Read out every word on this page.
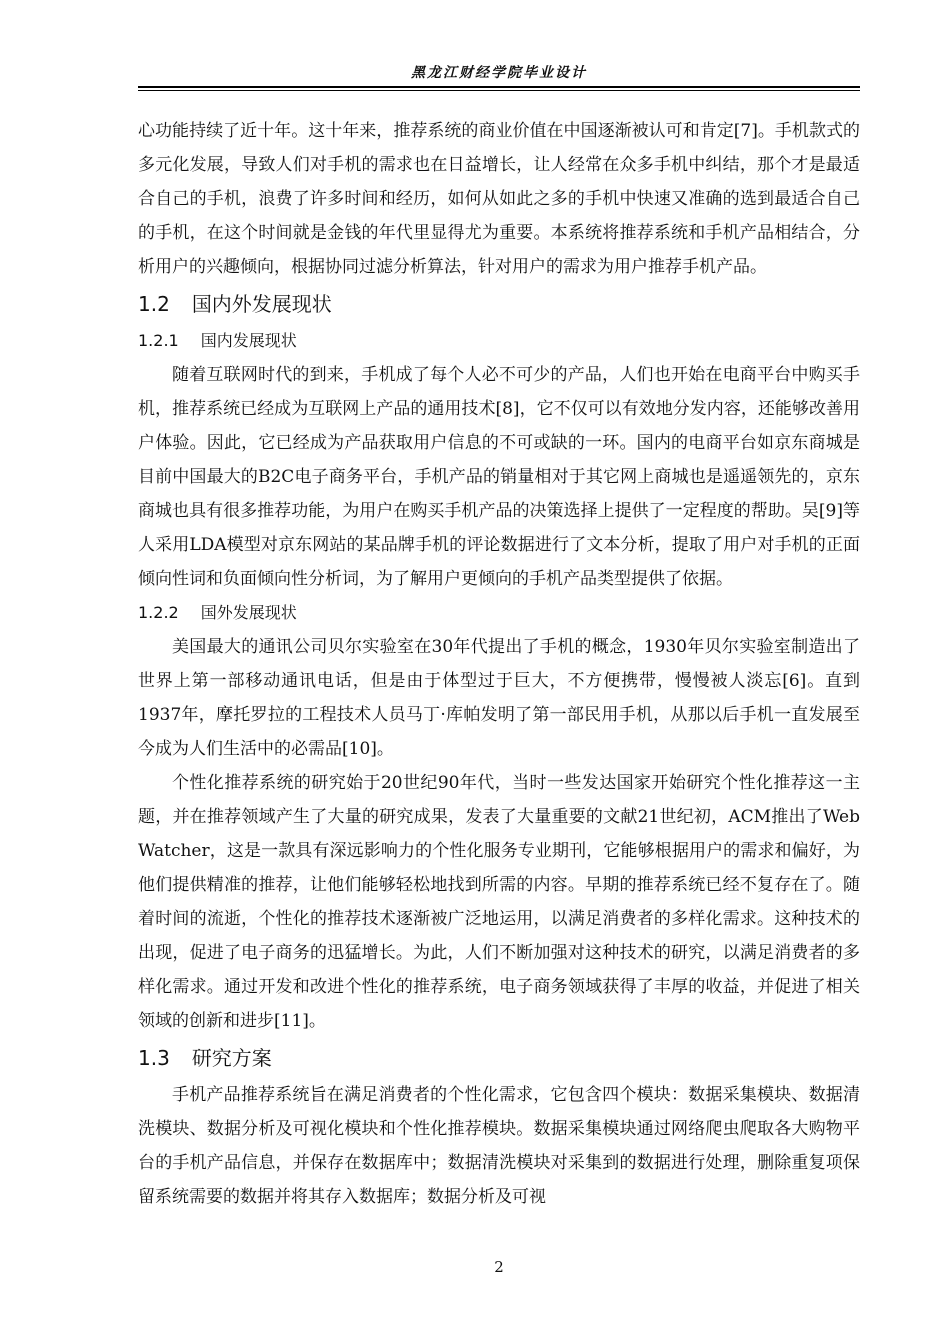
黑龙江财经学院毕业设计

心功能持续了近十年。这十年来，推荐系统的商业价值在中国逐渐被认可和肯定[7]。手机款式的多元化发展，导致人们对手机的需求也在日益增长，让人经常在众多手机中纠结，那个才是最适合自己的手机，浪费了许多时间和经历，如何从如此之多的手机中快速又准确的选到最适合自己的手机，在这个时间就是金钱的年代里显得尤为重要。本系统将推荐系统和手机产品相结合，分析用户的兴趣倾向，根据协同过滤分析算法，针对用户的需求为用户推荐手机产品。

1.2 国内外发展现状
1.2.1 国内发展现状

随着互联网时代的到来，手机成了每个人必不可少的产品，人们也开始在电商平台中购买手机，推荐系统已经成为互联网上产品的通用技术[8]，它不仅可以有效地分发内容，还能够改善用户体验。因此，它已经成为产品获取用户信息的不可或缺的一环。国内的电商平台如京东商城是目前中国最大的B2C电子商务平台，手机产品的销量相对于其它网上商城也是遥遥领先的，京东商城也具有很多推荐功能，为用户在购买手机产品的决策选择上提供了一定程度的帮助。吴[9]等人采用LDA模型对京东网站的某品牌手机的评论数据进行了文本分析，提取了用户对手机的正面倾向性词和负面倾向性分析词，为了解用户更倾向的手机产品类型提供了依据。

1.2.2 国外发展现状

美国最大的通讯公司贝尔实验室在30年代提出了手机的概念，1930年贝尔实验室制造出了世界上第一部移动通讯电话，但是由于体型过于巨大，不方便携带，慢慢被人淡忘[6]。直到1937年，摩托罗拉的工程技术人员马丁·库帕发明了第一部民用手机，从那以后手机一直发展至今成为人们生活中的必需品[10]。

个性化推荐系统的研究始于20世纪90年代，当时一些发达国家开始研究个性化推荐这一主题，并在推荐领域产生了大量的研究成果，发表了大量重要的文献21世纪初，ACM推出了Web Watcher，这是一款具有深远影响力的个性化服务专业期刊，它能够根据用户的需求和偏好，为他们提供精准的推荐，让他们能够轻松地找到所需的内容。早期的推荐系统已经不复存在了。随着时间的流逝，个性化的推荐技术逐渐被广泛地运用，以满足消费者的多样化需求。这种技术的出现，促进了电子商务的迅猛增长。为此，人们不断加强对这种技术的研究，以满足消费者的多样化需求。通过开发和改进个性化的推荐系统，电子商务领域获得了丰厚的收益，并促进了相关领域的创新和进步[11]。

1.3 研究方案

手机产品推荐系统旨在满足消费者的个性化需求，它包含四个模块：数据采集模块、数据清洗模块、数据分析及可视化模块和个性化推荐模块。数据采集模块通过网络爬虫爬取各大购物平台的手机产品信息，并保存在数据库中；数据清洗模块对采集到的数据进行处理，删除重复项保留系统需要的数据并将其存入数据库；数据分析及可视

2
